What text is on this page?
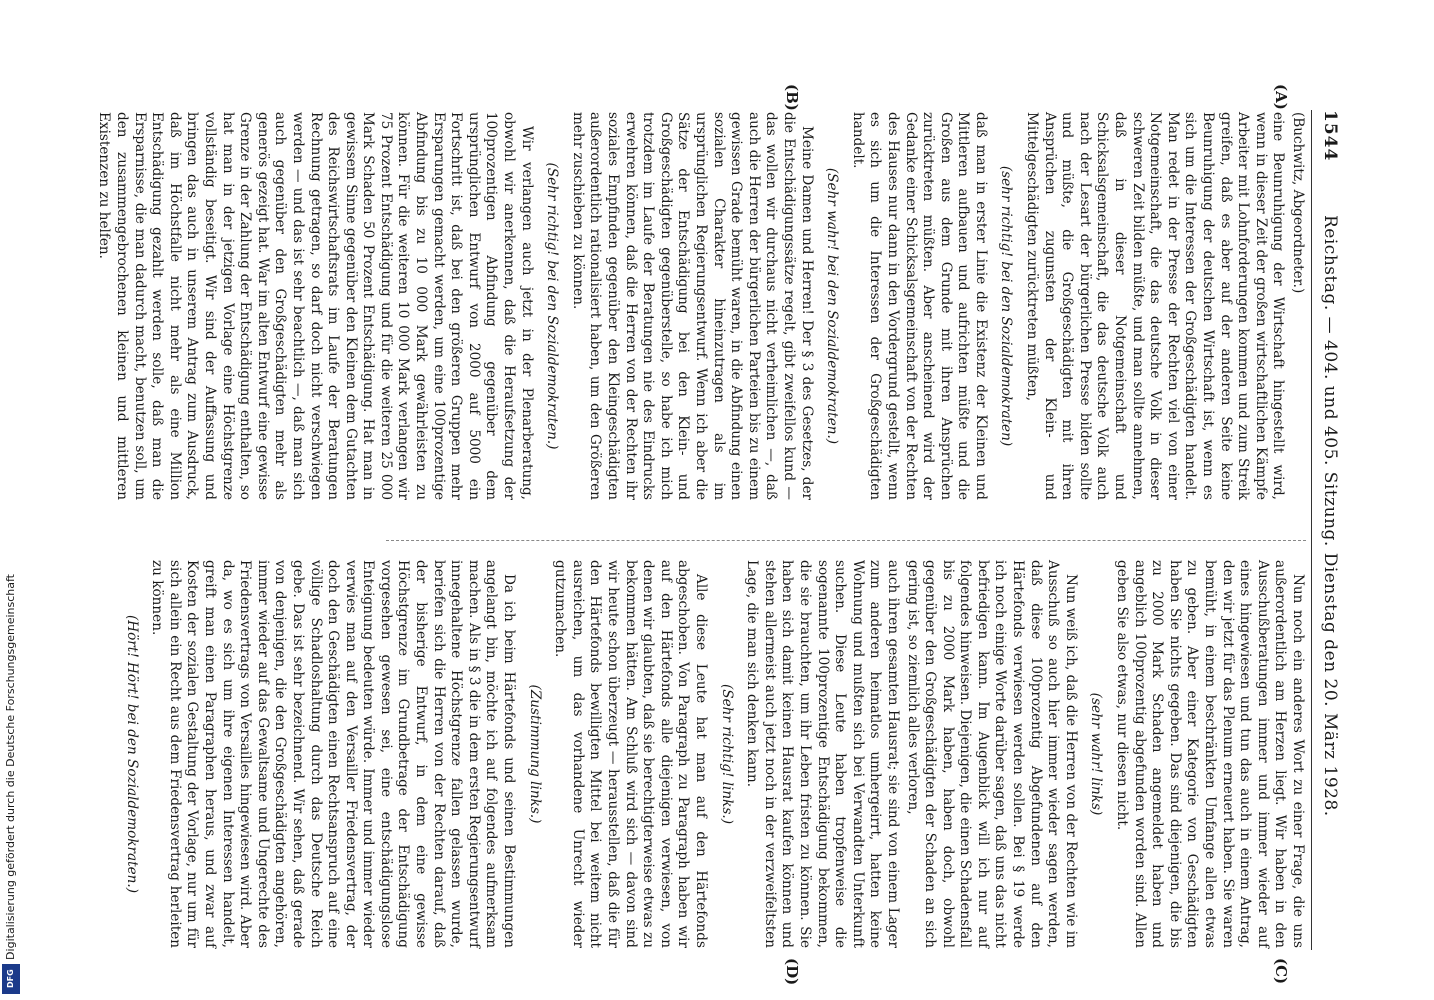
1544
Reichstag. — 404. und 405. Sitzung. Dienstag den 20. März 1928.
(A)
(B)
(C)
(D)

(Buchwitz, Abgeordneter.)

eine Beunruhigung der Wirtschaft hingestellt wird, wenn in dieser Zeit der großen wirtschaftlichen Kämpfe Arbeiter mit Lohnforderungen kommen und zum Streik greifen, daß es aber auf der anderen Seite keine Beunruhigung der deutschen Wirtschaft ist, wenn es sich um die Interessen der Großgeschädigten handelt. Man redet in der Presse der Rechten viel von einer Notgemeinschaft, die das deutsche Volk in dieser schweren Zeit bilden müßte, und man sollte annehmen, daß in dieser Notgemeinschaft und Schicksalsgemeinschaft, die das deutsche Volk auch nach der Lesart der bürgerlichen Presse bilden sollte und müßte, die Großgeschädigten mit ihren Ansprüchen zugunsten der Klein- und Mittelgeschädigten zurücktreten müßten,

(sehr richtig! bei den Sozialdemokraten)

daß man in erster Linie die Existenz der Kleinen und Mittleren aufbauen und aufrichten müßte und die Großen aus dem Grunde mit ihren Ansprüchen zurücktreten müßten. Aber anscheinend wird der Gedanke einer Schicksalsgemeinschaft von der Rechten des Hauses nur dann in den Vordergrund gestellt, wenn es sich um die Interessen der Großgeschädigten handelt.

(Sehr wahr! bei den Sozialdemokraten.)

Meine Damen und Herren! Der § 3 des Gesetzes, der die Entschädigungssätze regelt, gibt zweifellos kund — das wollen wir durchaus nicht verheimlichen —, daß auch die Herren der bürgerlichen Parteien bis zu einem gewissen Grade bemüht waren, in die Abfindung einen sozialen Charakter hineinzutragen als im ursprünglichen Regierungsentwurf. Wenn ich aber die Sätze der Entschädigung bei den Klein- und Großgeschädigten gegenüberstelle, so habe ich mich trotzdem im Laufe der Beratungen nie des Eindrucks erwehren können, daß die Herren von der Rechten ihr soziales Empfinden gegenüber den Kleingeschädigten außerordentlich rationalisiert haben, um den Größeren mehr zuschieben zu können.

(Sehr richtig! bei den Sozialdemokraten.)

Wir verlangen auch jetzt in der Plenarberatung, obwohl wir anerkennen, daß die Heraufsetzung der 100prozentigen Abfindung gegenüber dem ursprünglichen Entwurf von 2000 auf 5000 ein Fortschritt ist, daß bei den größeren Gruppen mehr Ersparungen gemacht werden, um eine 100prozentige Abfindung bis zu 10 000 Mark gewährleisten zu können. Für die weiteren 10 000 Mark verlangen wir 75 Prozent Entschädigung und für die weiteren 25 000 Mark Schaden 50 Prozent Entschädigung. Hat man in gewissem Sinne gegenüber den Kleinen dem Gutachten des Reichswirtschaftsrats im Laufe der Beratungen Rechnung getragen, so darf doch nicht verschwiegen werden — und das ist sehr beachtlich —, daß man sich auch gegenüber den Großgeschädigten mehr als generös gezeigt hat. War im alten Entwurf eine gewisse Grenze in der Zahlung der Entschädigung enthalten, so hat man in der jetzigen Vorlage eine Höchstgrenze vollständig beseitigt. Wir sind der Auffassung und bringen das auch in unserem Antrag zum Ausdruck, daß im Höchstfalle nicht mehr als eine Million Entschädigung gezahlt werden solle, daß man die Ersparnisse, die man dadurch macht, benutzen soll, um den zusammengebrochenen kleinen und mittleren Existenzen zu helfen.

Nun noch ein anderes Wort zu einer Frage, die uns außerordentlich am Herzen liegt. Wir haben in den Ausschußberatungen immer und immer wieder auf eines hingewiesen und tun das auch in einem Antrag, den wir jetzt für das Plenum erneuert haben. Sie waren bemüht, in einem beschränkten Umfange allen etwas zu geben. Aber einer Kategorie von Geschädigten haben Sie nichts gegeben. Das sind diejenigen, die bis zu 2000 Mark Schaden angemeldet haben und angeblich 100prozentig abgefunden worden sind. Allen geben Sie also etwas, nur diesen nicht.

(sehr wahr! links)

Nun weiß ich, daß die Herren von der Rechten wie im Ausschuß so auch hier immer wieder sagen werden, daß diese 100prozentig Abgefundenen auf den Härtefonds verwiesen werden sollen. Bei § 19 werde ich noch einige Worte darüber sagen, daß uns das nicht befriedigen kann. Im Augenblick will ich nur auf folgendes hinweisen. Diejenigen, die einen Schadensfall bis zu 2000 Mark haben, haben doch, obwohl gegenüber den Großgeschädigten der Schaden an sich gering ist, so ziemlich alles verloren,

auch ihren gesamten Hausrat; sie sind von einem Lager zum anderen heimatlos umhergeirrt, hatten keine Wohnung und mußten sich bei Verwandten Unterkunft suchen. Diese Leute haben tropfenweise die sogenannte 100prozentige Entschädigung bekommen, die sie brauchten, um ihr Leben fristen zu können. Sie haben sich damit keinen Hausrat kaufen können und stehen allermeist auch jetzt noch in der verzweifeltsten Lage, die man sich denken kann.

(Sehr richtig! links.)

Alle diese Leute hat man auf den Härtefonds abgeschoben. Von Paragraph zu Paragraph haben wir auf den Härtefonds alle diejenigen verwiesen, von denen wir glaubten, daß sie berechtigterweise etwas zu bekommen hätten. Am Schluß wird sich — davon sind wir heute schon überzeugt — herausstellen, daß die für den Härtefonds bewilligten Mittel bei weitem nicht ausreichen, um das vorhandene Unrecht wieder gutzumachen.

(Zustimmung links.)

Da ich beim Härtefonds und seinen Bestimmungen angelangt bin, möchte ich auf folgendes aufmerksam machen. Als in § 3 die in dem ersten Regierungsentwurf innegehaltene Höchstgrenze fallen gelassen wurde, beriefen sich die Herren von der Rechten darauf, daß der bisherige Entwurf, in dem eine gewisse Höchstgrenze im Grundbetrage der Entschädigung vorgesehen gewesen sei, eine entschädigungslose Enteignung bedeuten würde. Immer und immer wieder verwies man auf den Versailler Friedensvertrag, der doch den Geschädigten einen Rechtsanspruch auf eine völlige Schadloshaltung durch das Deutsche Reich gebe. Das ist sehr bezeichnend. Wir sehen, daß gerade von denjenigen, die den Großgeschädigten angehören, immer wieder auf das Gewaltsame und Ungerechte des Friedensvertrags von Versailles hingewiesen wird. Aber da, wo es sich um ihre eigenen Interessen handelt, greift man einen Paragraphen heraus, und zwar auf Kosten der sozialen Gestaltung der Vorlage, nur um für sich allein ein Recht aus dem Friedensvertrag herleiten zu können.

(Hört! Hört! bei den Sozialdemokraten.)

Digitalisierung gefördert durch die Deutsche Forschungsgemeinschaft
DFG
